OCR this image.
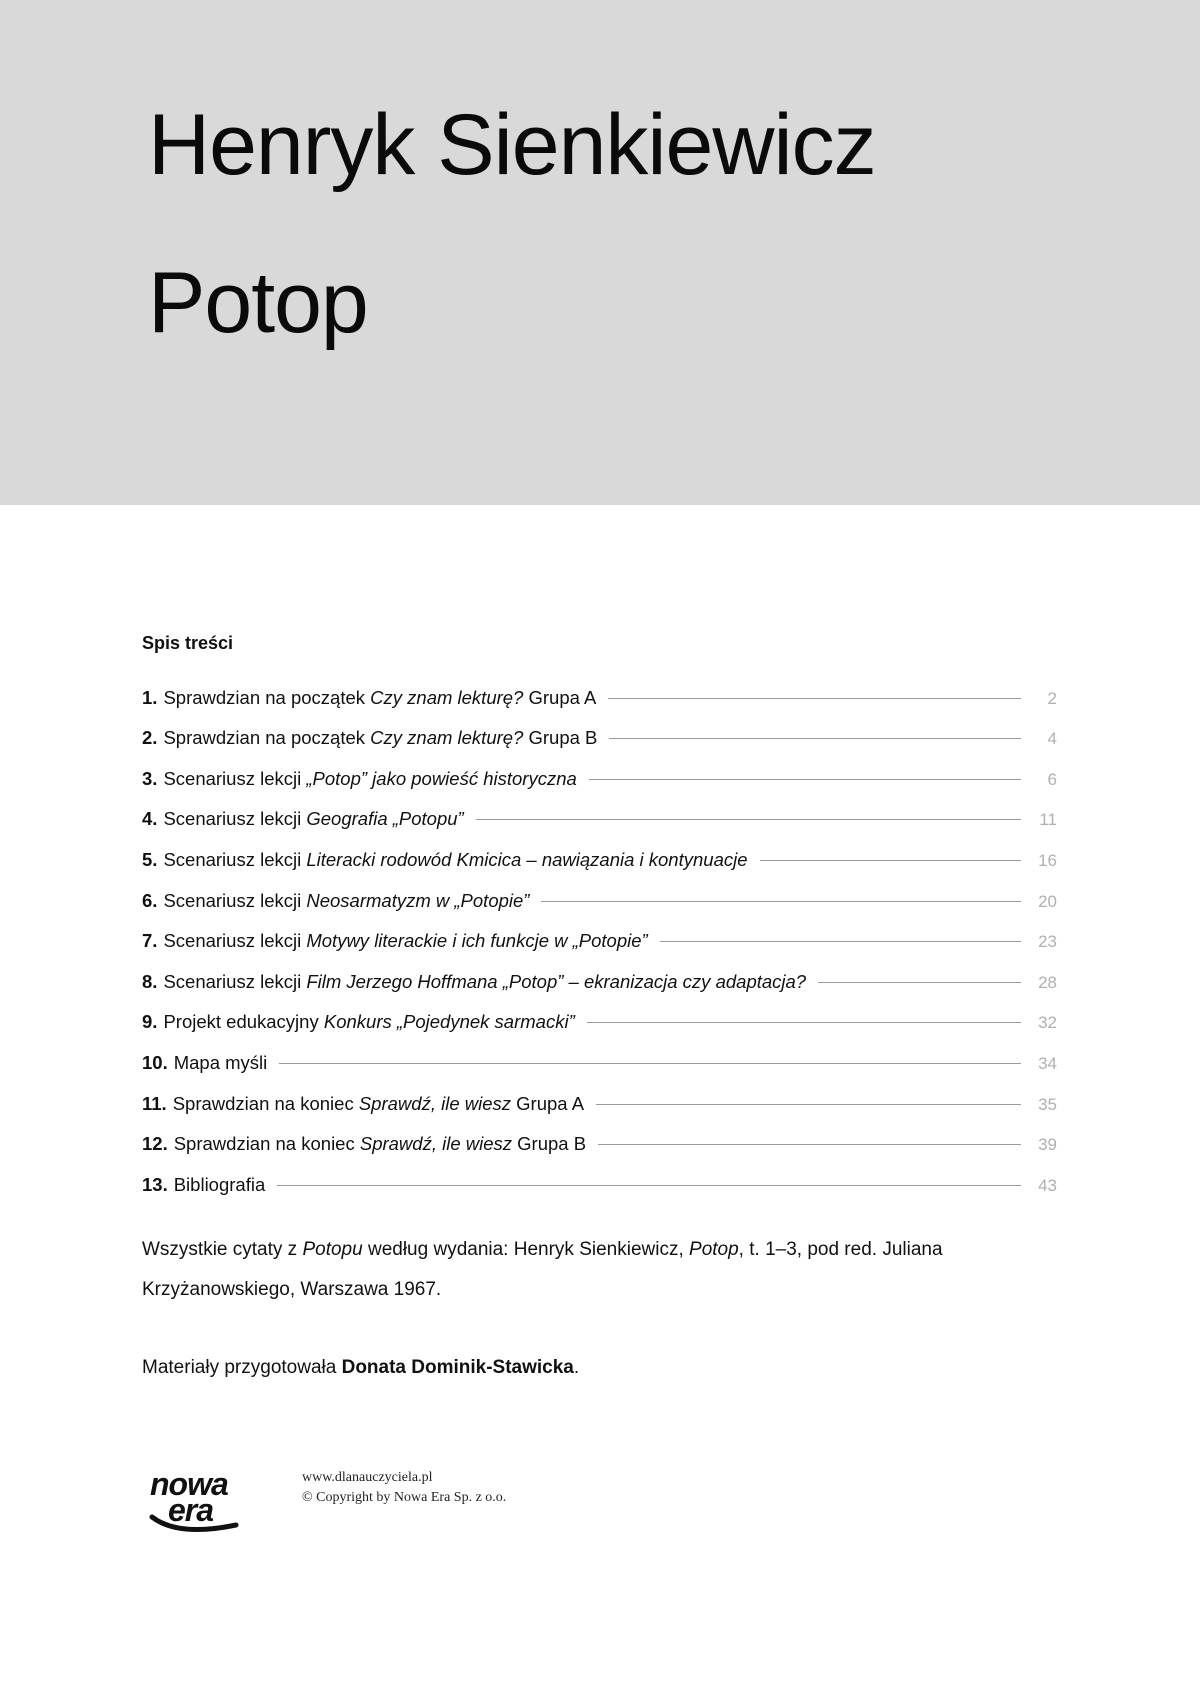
Henryk Sienkiewicz
Potop
Spis treści
1. Sprawdzian na początek Czy znam lekturę? Grupa A	2
2. Sprawdzian na początek Czy znam lekturę? Grupa B	4
3. Scenariusz lekcji „Potop” jako powieść historyczna	6
4. Scenariusz lekcji Geografia „Potopu”	11
5. Scenariusz lekcji Literacki rodowód Kmicica – nawiązania i kontynuacje	16
6. Scenariusz lekcji Neosarmatyzm w „Potopie”	20
7. Scenariusz lekcji Motywy literackie i ich funkcje w „Potopie”	23
8. Scenariusz lekcji Film Jerzego Hoffmana „Potop” – ekranizacja czy adaptacja?	28
9. Projekt edukacyjny Konkurs „Pojedynek sarmacki”	32
10. Mapa myśli	34
11. Sprawdzian na koniec Sprawdź, ile wiesz Grupa A	35
12. Sprawdzian na koniec Sprawdź, ile wiesz Grupa B	39
13. Bibliografia	43
Wszystkie cytaty z Potopu według wydania: Henryk Sienkiewicz, Potop, t. 1–3, pod red. Juliana Krzyżanowskiego, Warszawa 1967.
Materiały przygotowała Donata Dominik-Stawicka.
nowa
era
www.dlanauczyciela.pl
© Copyright by Nowa Era Sp. z o.o.
